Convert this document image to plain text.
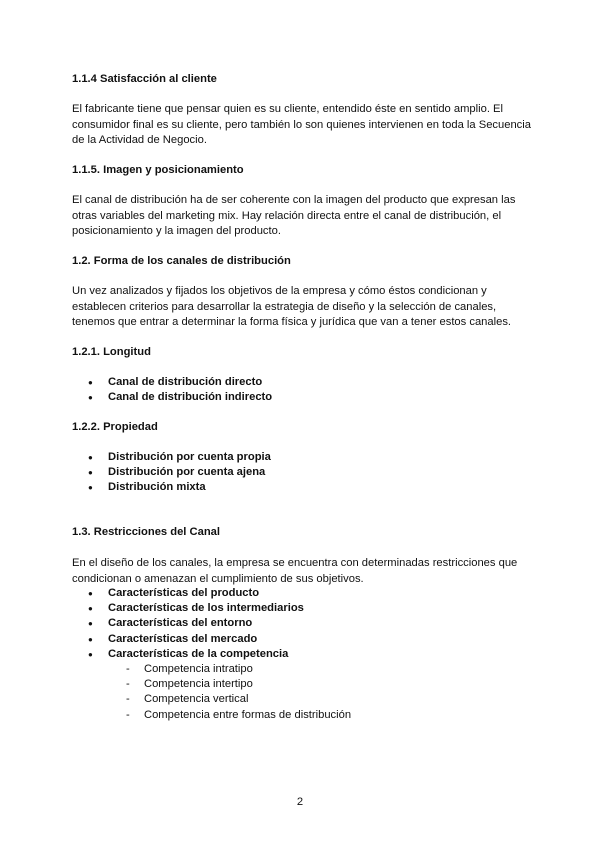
1.1.4 Satisfacción al cliente
El fabricante tiene que pensar quien es su cliente, entendido éste en sentido amplio. El
consumidor final es su cliente, pero también lo son quienes intervienen en toda la Secuencia
de la Actividad de Negocio.
1.1.5. Imagen y posicionamiento
El canal de distribución ha de ser coherente con la imagen del producto que expresan las
otras variables del marketing mix. Hay relación directa entre el canal de distribución, el
posicionamiento y la imagen del producto.
1.2. Forma de los canales de distribución
Un vez analizados y fijados los objetivos de la empresa y cómo éstos condicionan y
establecen criterios para desarrollar la estrategia de diseño y la selección de canales,
tenemos que entrar a determinar la forma física y jurídica que van a tener estos canales.
1.2.1. Longitud
● Canal de distribución directo
● Canal de distribución indirecto
1.2.2. Propiedad
● Distribución por cuenta propia
● Distribución por cuenta ajena
● Distribución mixta
1.3. Restricciones del Canal
En el diseño de los canales, la empresa se encuentra con determinadas restricciones que
condicionan o amenazan el cumplimiento de sus objetivos.
● Características del producto
● Características de los intermediarios
● Características del entorno
● Características del mercado
● Características de la competencia
- Competencia intratipo
- Competencia intertipo
- Competencia vertical
- Competencia entre formas de distribución
2
